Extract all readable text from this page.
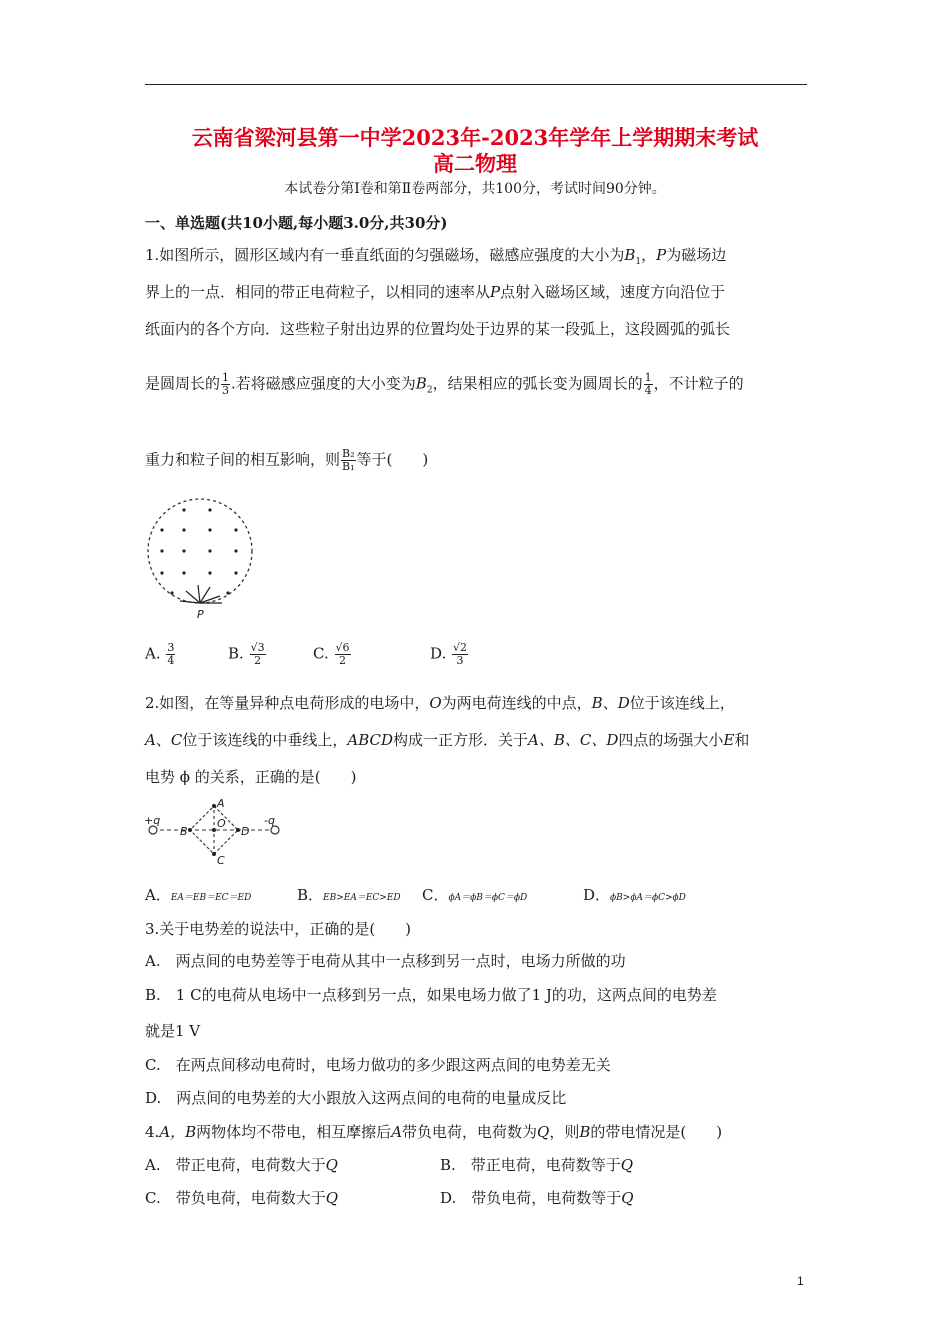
云南省梁河县第一中学2023年-2023年学年上学期期末考试
高二物理
本试卷分第Ⅰ卷和第Ⅱ卷两部分，共100分，考试时间90分钟。
一、单选题(共10小题,每小题3.0分,共30分)
1.如图所示，圆形区域内有一垂直纸面的匀强磁场，磁感应强度的大小为$B_1$，P为磁场边
界上的一点．相同的带正电荷粒子，以相同的速率从P点射入磁场区域，速度方向沿位于
纸面内的各个方向．这些粒子射出边界的位置均处于边界的某一段弧上，这段圆弧的弧长
是圆周长的 $\frac{1}{3}$ .若将磁感应强度的大小变为$B_2$，结果相应的弧长变为圆周长的 $\frac{1}{4}$ ，不计粒子的
重力和粒子间的相互影响，则 $\frac{\text{B₂}}{\text{B₁}}$ 等于(　　)
P
A. $\frac{3}{4}$	B. $\frac{√3}{2}$	C. $\frac{√6}{2}$	D. $\frac{√2}{3}$
2.如图，在等量异种点电荷形成的电场中，O为两电荷连线的中点，B、D位于该连线上，
A、C位于该连线的中垂线上，ABCD构成一正方形．关于A、B、C、D四点的场强大小E和
电势 ϕ 的关系，正确的是(　　)
+q	-q
A
B
O
D
C
A．EA＝EB＝EC＝ED	B．EB>EA＝EC>ED C．ϕA＝ϕB＝ϕC＝ϕD	D．ϕB>ϕA＝ϕC>ϕD
3.关于电势差的说法中，正确的是(　　)
A.　两点间的电势差等于电荷从其中一点移到另一点时，电场力所做的功
B.　1 C的电荷从电场中一点移到另一点，如果电场力做了1 J的功，这两点间的电势差
就是1 V
C.　在两点间移动电荷时，电场力做功的多少跟这两点间的电势差无关
D.　两点间的电势差的大小跟放入这两点间的电荷的电量成反比
4.A，B两物体均不带电，相互摩擦后A带负电荷，电荷数为Q，则B的带电情况是(　　)
A.　带正电荷，电荷数大于Q	B.　带正电荷，电荷数等于Q
C.　带负电荷，电荷数大于Q	D.　带负电荷，电荷数等于Q
1
